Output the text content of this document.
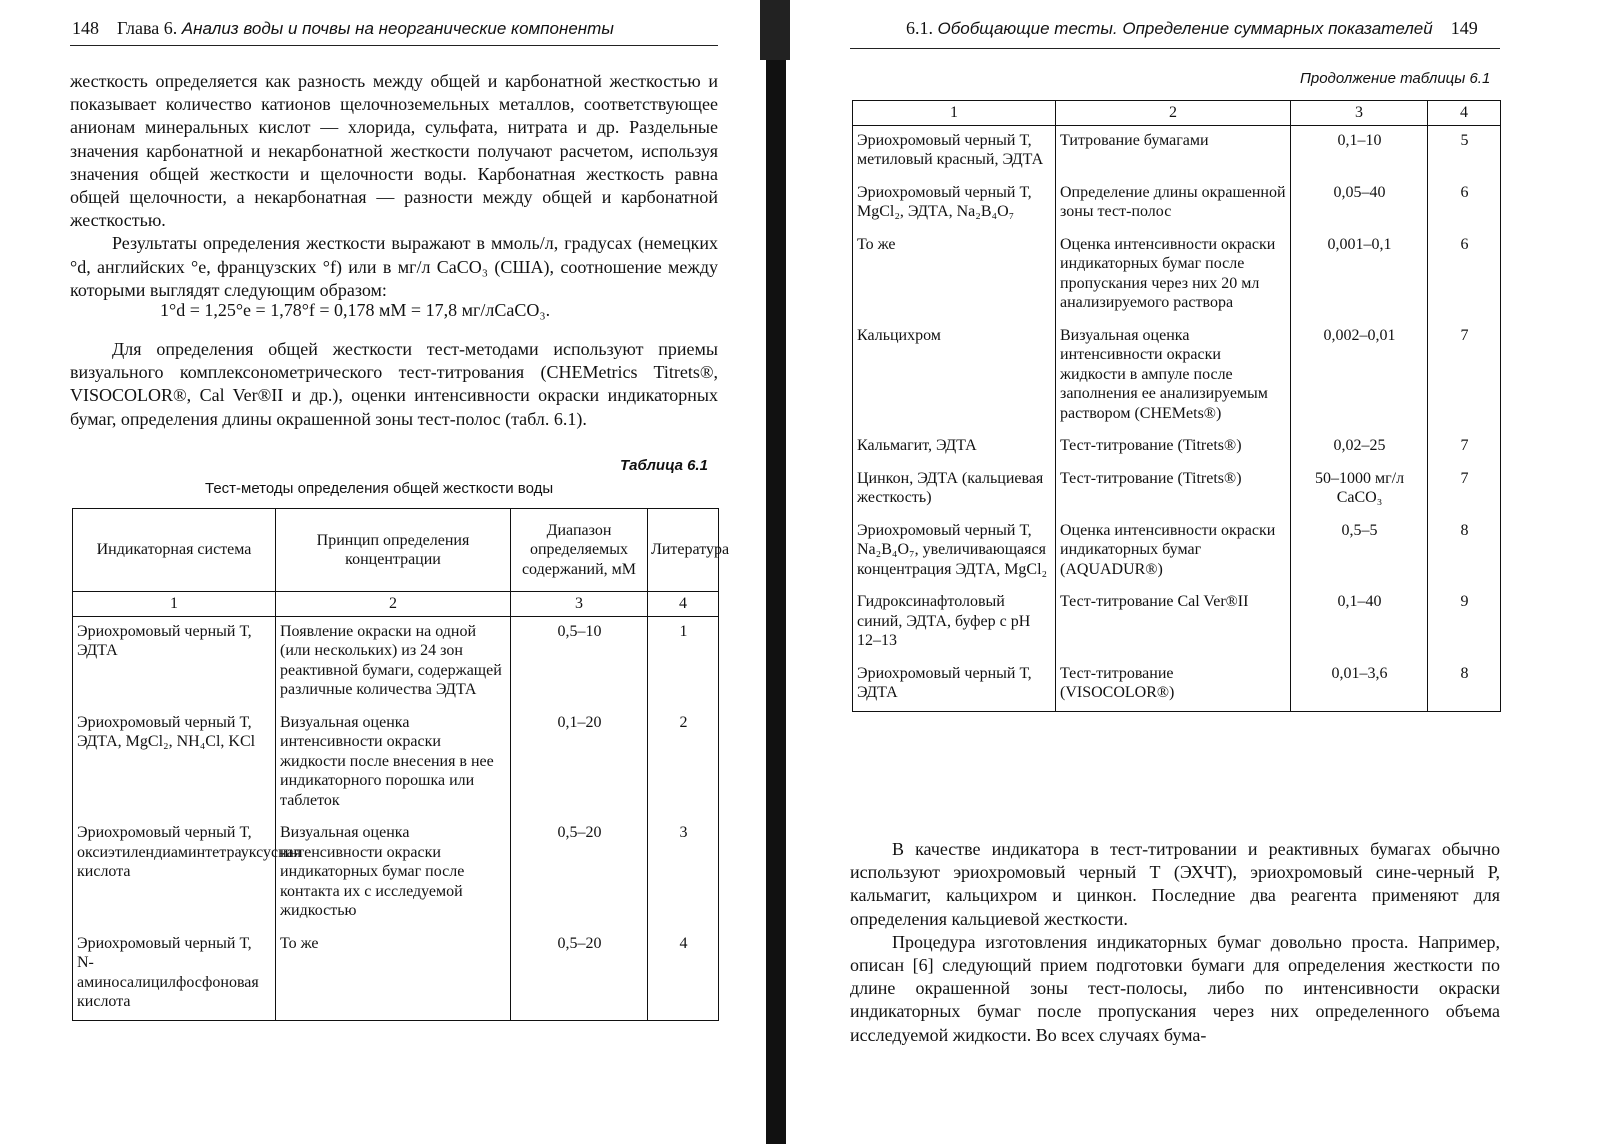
148 Глава 6. Анализ воды и почвы на неорганические компоненты

жесткость определяется как разность между общей и карбонатной жесткостью и показывает количество катионов щелочноземельных металлов, соответствующее анионам минеральных кислот — хлорида, сульфата, нитрата и др. Раздельные значения карбонатной и некарбонатной жесткости получают расчетом, используя значения общей жесткости и щелочности воды. Карбонатная жесткость равна общей щелочности, а некарбонатная — разности между общей и карбонатной жесткостью.

Результаты определения жесткости выражают в ммоль/л, градусах (немецких °d, английских °e, французских °f) или в мг/л CaCO₃ (США), соотношение между которыми выглядят следующим образом:

1°d = 1,25°e = 1,78°f = 0,178 мМ = 17,8 мг/лCaCO₃.

Для определения общей жесткости тест-методами используют приемы визуального комплексонометрического тест-титрования (CHEMetrics Titrets®, VISOCOLOR®, Cal Ver®II и др.), оценки интенсивности окраски индикаторных бумаг, определения длины окрашенной зоны тест-полос (табл. 6.1).

Таблица 6.1
Тест-методы определения общей жесткости воды
Индикаторная система	Принцип определения концентрации	Диапазон определяемых содержаний, мМ	Литература
1	2	3	4
Эриохромовый черный Т, ЭДТА	Появление окраски на одной (или нескольких) из 24 зон реактивной бумаги, содержащей различные количества ЭДТА	0,5–10	1
Эриохромовый черный Т, ЭДТА, MgCl₂, NH₄Cl, KCl	Визуальная оценка интенсивности окраски жидкости после внесения в нее индикаторного порошка или таблеток	0,1–20	2
Эриохромовый черный Т, оксиэтилендиаминтетрауксусная кислота	Визуальная оценка интенсивности окраски индикаторных бумаг после контакта их с исследуемой жидкостью	0,5–20	3
Эриохромовый черный Т, N-аминосалицилфосфоновая кислота	То же	0,5–20	4
6.1. Обобщающие тесты. Определение суммарных показателей 149
Продолжение таблицы 6.1
1	2	3	4
Эриохромовый черный Т, метиловый красный, ЭДТА	Титрование бумагами	0,1–10	5
Эриохромовый черный Т, MgCl₂, ЭДТА, Na₂B₄O₇	Определение длины окрашенной зоны тест-полос	0,05–40	6
То же	Оценка интенсивности окраски индикаторных бумаг после пропускания через них 20 мл анализируемого раствора	0,001–0,1	6
Кальцихром	Визуальная оценка интенсивности окраски жидкости в ампуле после заполнения ее анализируемым раствором (CHEMets®)	0,002–0,01	7
Кальмагит, ЭДТА	Тест-титрование (Titrets®)	0,02–25	7
Цинкон, ЭДТА (кальциевая жесткость)	Тест-титрование (Titrets®)	50–1000 мг/л CaCO₃	7
Эриохромовый черный Т, Na₂B₄O₇, увеличивающаяся концентрация ЭДТА, MgCl₂	Оценка интенсивности окраски индикаторных бумаг (AQUADUR®)	0,5–5	8
Гидроксинафтоловый синий, ЭДТА, буфер с pH 12–13	Тест-титрование Cal Ver®II	0,1–40	9
Эриохромовый черный Т, ЭДТА	Тест-титрование (VISOCOLOR®)	0,01–3,6	8

В качестве индикатора в тест-титровании и реактивных бумагах обычно используют эриохромовый черный Т (ЭХЧТ), эриохромовый сине-черный Р, кальмагит, кальцихром и цинкон. Последние два реагента применяют для определения кальциевой жесткости.

Процедура изготовления индикаторных бумаг довольно проста. Например, описан [6] следующий прием подготовки бумаги для определения жесткости по длине окрашенной зоны тест-полосы, либо по интенсивности окраски индикаторных бумаг после пропускания через них определенного объема исследуемой жидкости. Во всех случаях бума-
